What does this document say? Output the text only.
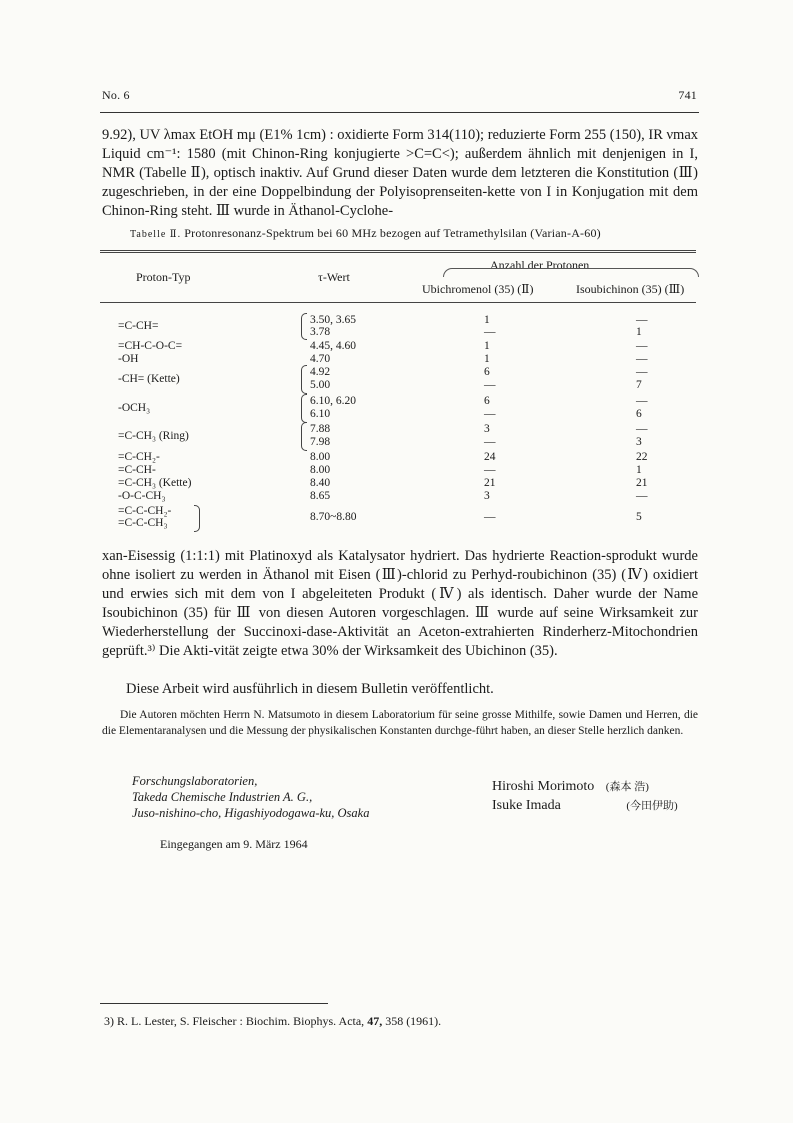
No. 6	741
9.92), UV λmax EtOH mμ (E1% 1cm) : oxidierte Form 314(110); reduzierte Form 255 (150), IR νmax Liquid cm⁻¹: 1580 (mit Chinon-Ring konjugierte >C=C<); außerdem ähnlich mit denjenigen in I, NMR (Tabelle Ⅱ), optisch inaktiv. Auf Grund dieser Daten wurde dem letzteren die Konstitution (Ⅲ) zugeschrieben, in der eine Doppelbindung der Polyisoprenseiten-kette von I in Konjugation mit dem Chinon-Ring steht. Ⅲ wurde in Äthanol-Cyclohe-
Tabelle Ⅱ. Protonresonanz-Spektrum bei 60 MHz bezogen auf Tetramethylsilan (Varian-A-60)
Anzahl der Protonen
Proton-Typ	τ-Wert
Ubichromenol (35) (Ⅱ)	Isoubichinon (35) (Ⅲ)
=C-CH=	3.50, 3.65	1	—
3.78	—	1
=CH-C-O-C=	4.45, 4.60	1	—
-OH	4.70	1	—
4.92	6	—
-CH= (Kette)	5.00	—	7
6.10, 6.20	6	—
-OCH₃	6.10	—	6
7.88	3	—
=C-CH₃ (Ring)	7.98	—	3
=C-CH₂-	8.00	24	22
=C-CH-	8.00	—	1
=C-CH₃ (Kette)	8.40	21	21
-O-C-CH₃	8.65	3	—
=C-C-CH₂-	8.70~8.80	—	5
=C-C-CH₃
xan-Eisessig (1:1:1) mit Platinoxyd als Katalysator hydriert. Das hydrierte Reaction-sprodukt wurde ohne isoliert zu werden in Äthanol mit Eisen (Ⅲ)-chlorid zu Perhyd-roubichinon (35) (Ⅳ) oxidiert und erwies sich mit dem von I abgeleiteten Produkt (Ⅳ) als identisch. Daher wurde der Name Isoubichinon (35) für Ⅲ von diesen Autoren vorgeschlagen. Ⅲ wurde auf seine Wirksamkeit zur Wiederherstellung der Succinoxi-dase-Aktivität an Aceton-extrahierten Rinderherz-Mitochondrien geprüft.³⁾ Die Akti-vität zeigte etwa 30% der Wirksamkeit des Ubichinon (35).
Diese Arbeit wird ausführlich in diesem Bulletin veröffentlicht.
Die Autoren möchten Herrn N. Matsumoto in diesem Laboratorium für seine grosse Mithilfe, sowie Damen und Herren, die die Elementaranalysen und die Messung der physikalischen Konstanten durchge-führt haben, an dieser Stelle herzlich danken.
Forschungslaboratorien,
Takeda Chemische Industrien A. G.,
Juso-nishino-cho, Higashiyodogawa-ku, Osaka
Hiroshi Morimoto (森本 浩)
Isuke Imada	(今田伊助)
Eingegangen am 9. März 1964
3) R. L. Lester, S. Fleischer : Biochim. Biophys. Acta, 47, 358 (1961).
